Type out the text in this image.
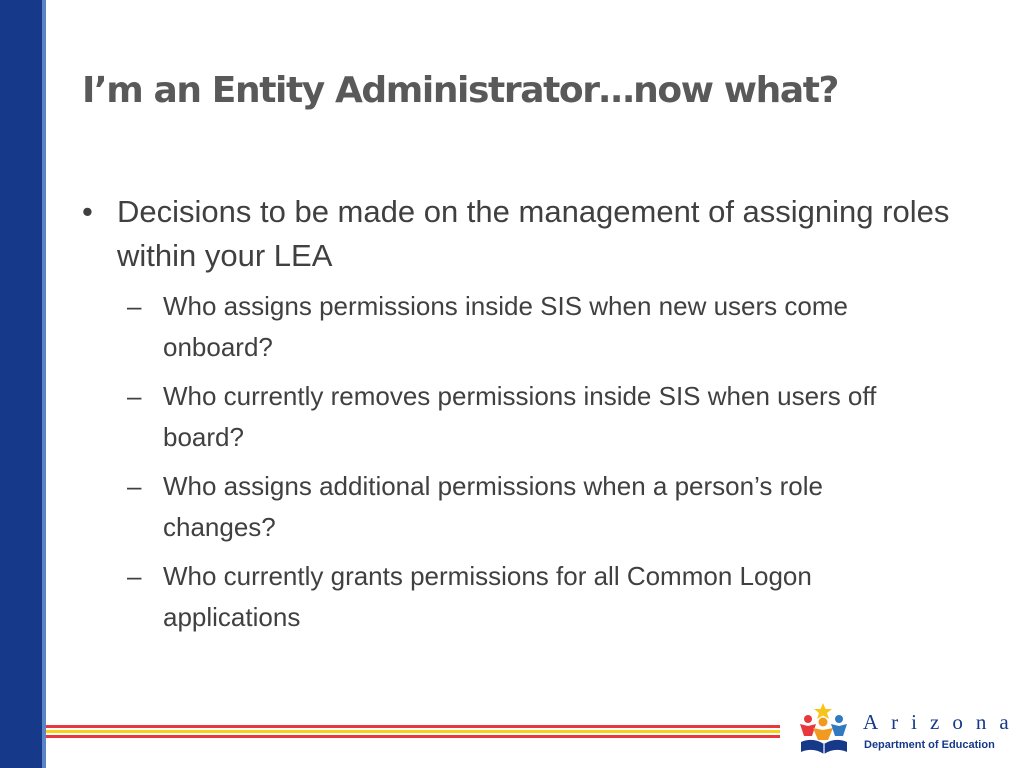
I’m an Entity Administrator…now what?
• Decisions to be made on the management of assigning roles within your LEA
– Who assigns permissions inside SIS when new users come onboard?
– Who currently removes permissions inside SIS when users off board?
– Who assigns additional permissions when a person’s role changes?
– Who currently grants permissions for all Common Logon applications
Arizona
Department of Education
